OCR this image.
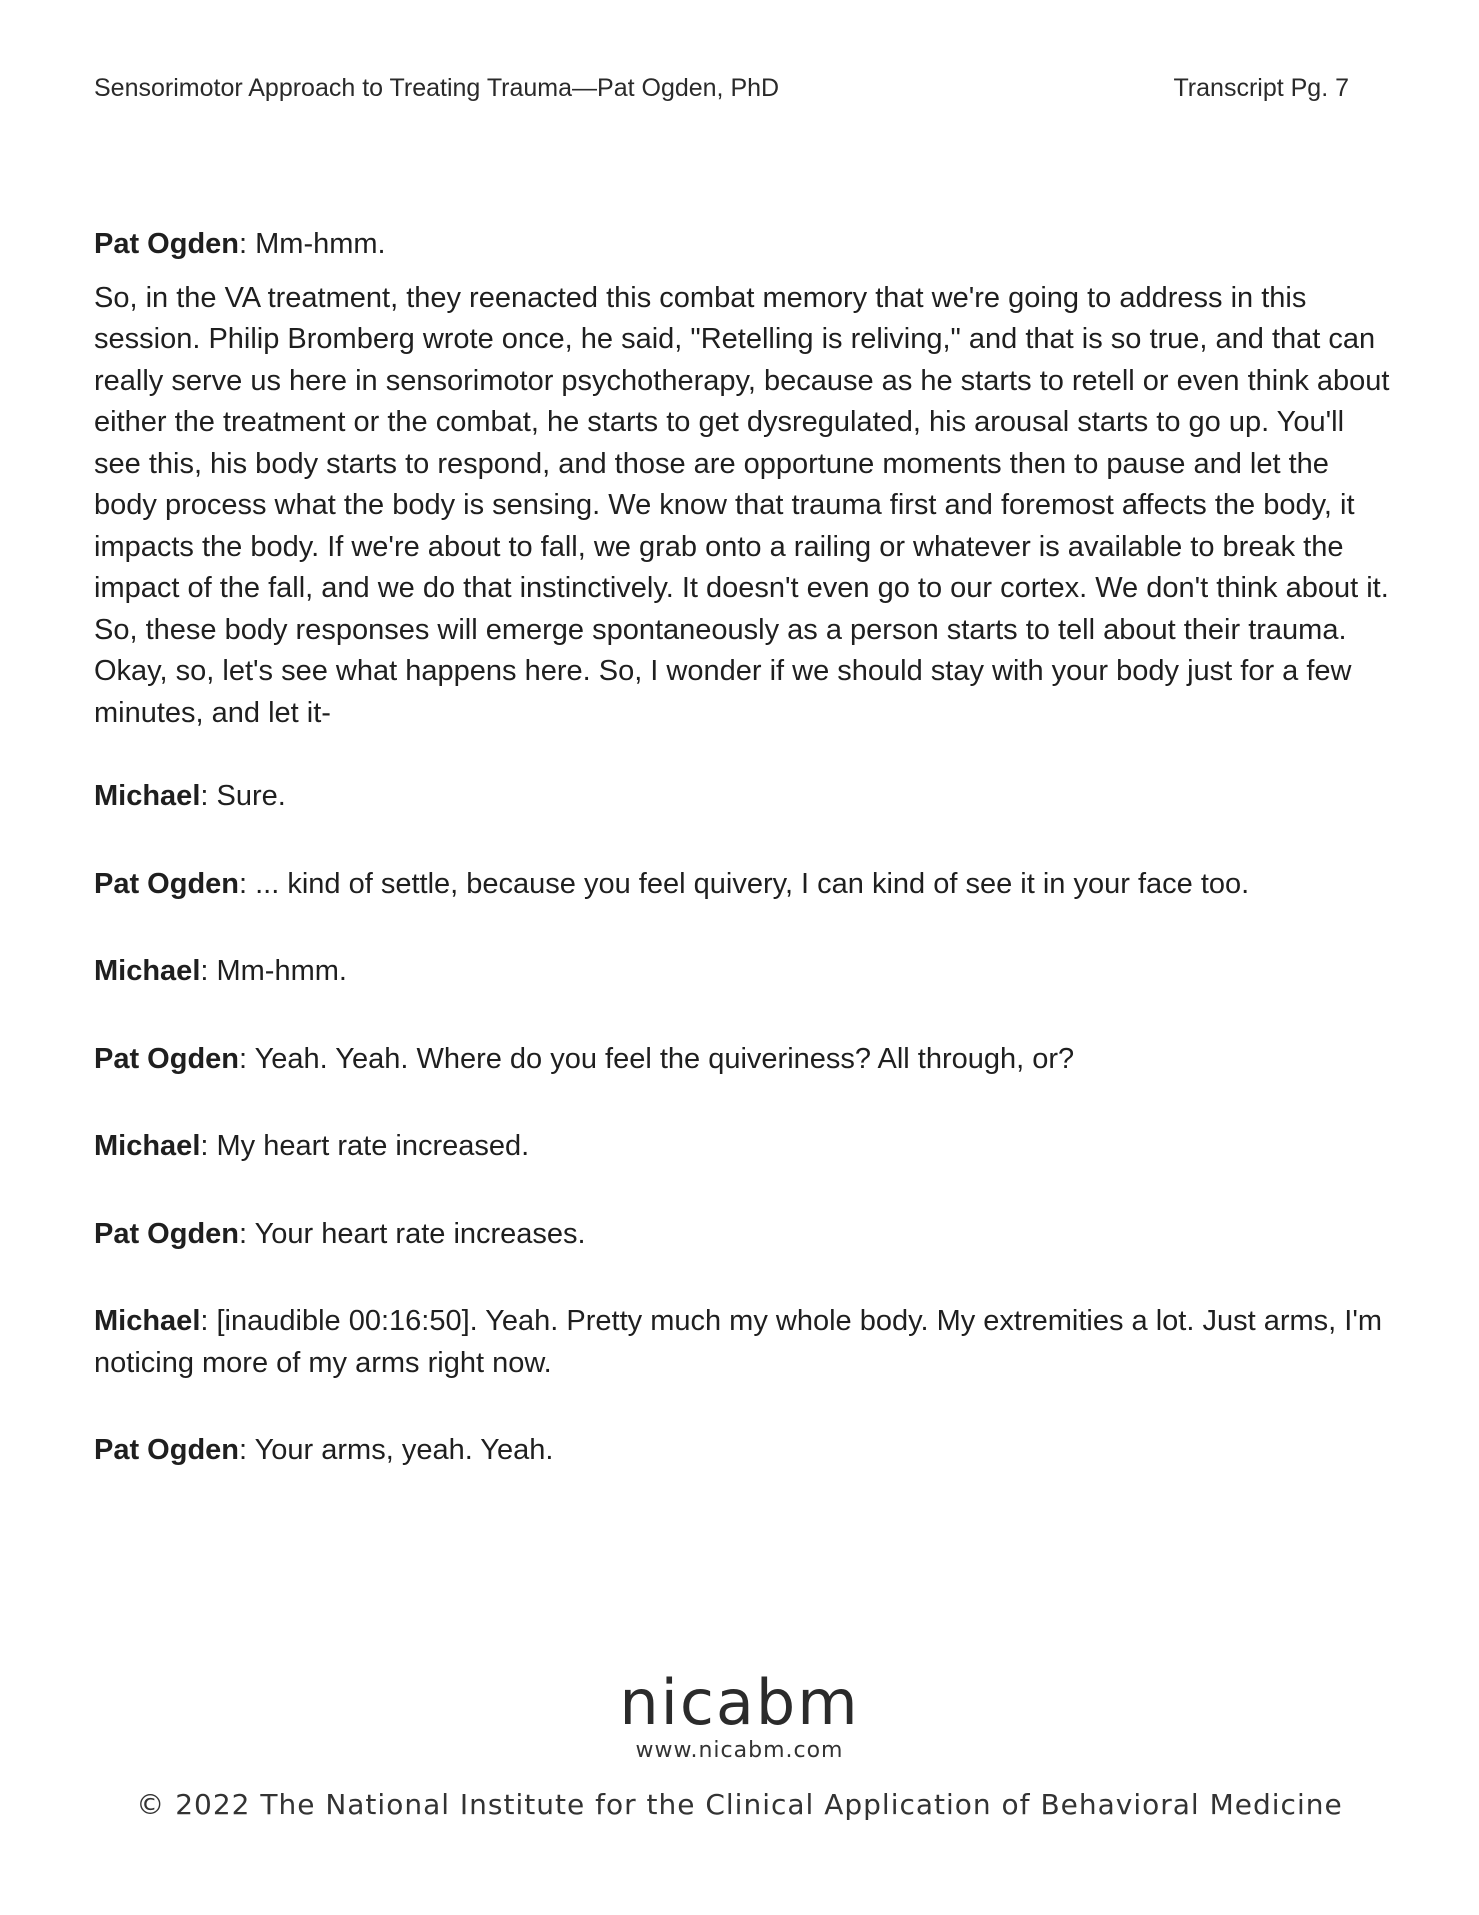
Sensorimotor Approach to Treating Trauma—Pat Ogden, PhD	Transcript Pg. 7

Pat Ogden: Mm-hmm.

So, in the VA treatment, they reenacted this combat memory that we're going to address in this session. Philip Bromberg wrote once, he said, "Retelling is reliving," and that is so true, and that can really serve us here in sensorimotor psychotherapy, because as he starts to retell or even think about either the treatment or the combat, he starts to get dysregulated, his arousal starts to go up. You'll see this, his body starts to respond, and those are opportune moments then to pause and let the body process what the body is sensing. We know that trauma first and foremost affects the body, it impacts the body. If we're about to fall, we grab onto a railing or whatever is available to break the impact of the fall, and we do that instinctively. It doesn't even go to our cortex. We don't think about it. So, these body responses will emerge spontaneously as a person starts to tell about their trauma. Okay, so, let's see what happens here. So, I wonder if we should stay with your body just for a few minutes, and let it-

Michael: Sure.

Pat Ogden: ... kind of settle, because you feel quivery, I can kind of see it in your face too.

Michael: Mm-hmm.

Pat Ogden: Yeah. Yeah. Where do you feel the quiveriness? All through, or?

Michael: My heart rate increased.

Pat Ogden: Your heart rate increases.

Michael: [inaudible 00:16:50]. Yeah. Pretty much my whole body. My extremities a lot. Just arms, I'm noticing more of my arms right now.

Pat Ogden: Your arms, yeah. Yeah.

nicabm
www.nicabm.com
© 2022 The National Institute for the Clinical Application of Behavioral Medicine
